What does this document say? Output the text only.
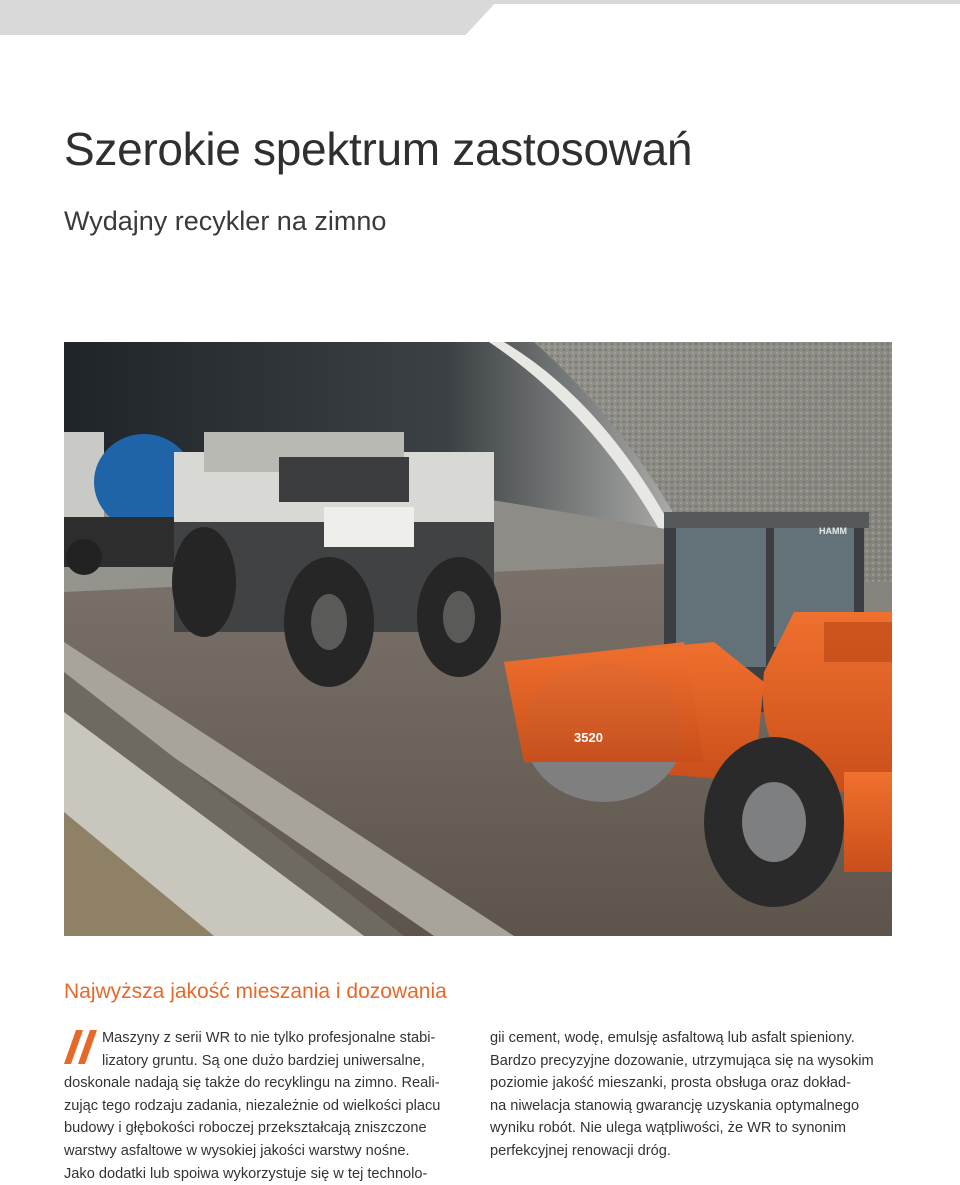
Szerokie spektrum zastosowań
Wydajny recykler na zimno
HAMM
3520
Najwyższa jakość mieszania i dozowania
Maszyny z serii WR to nie tylko profesjonalne stabi-
lizatory gruntu. Są one dużo bardziej uniwersalne,

doskonale nadają się także do recyklingu na zimno. Reali-
zując tego rodzaju zadania, niezależnie od wielkości placu
budowy i głębokości roboczej przekształcają zniszczone
warstwy asfaltowe w wysokiej jakości warstwy nośne.
Jako dodatki lub spoiwa wykorzystuje się w tej technolo-

gii cement, wodę, emulsję asfaltową lub asfalt spieniony.
Bardzo precyzyjne dozowanie, utrzymująca się na wysokim
poziomie jakość mieszanki, prosta obsługa oraz dokład-
na niwelacja stanowią gwarancję uzyskania optymalnego
wyniku robót. Nie ulega wątpliwości, że WR to synonim
perfekcyjnej renowacji dróg.
